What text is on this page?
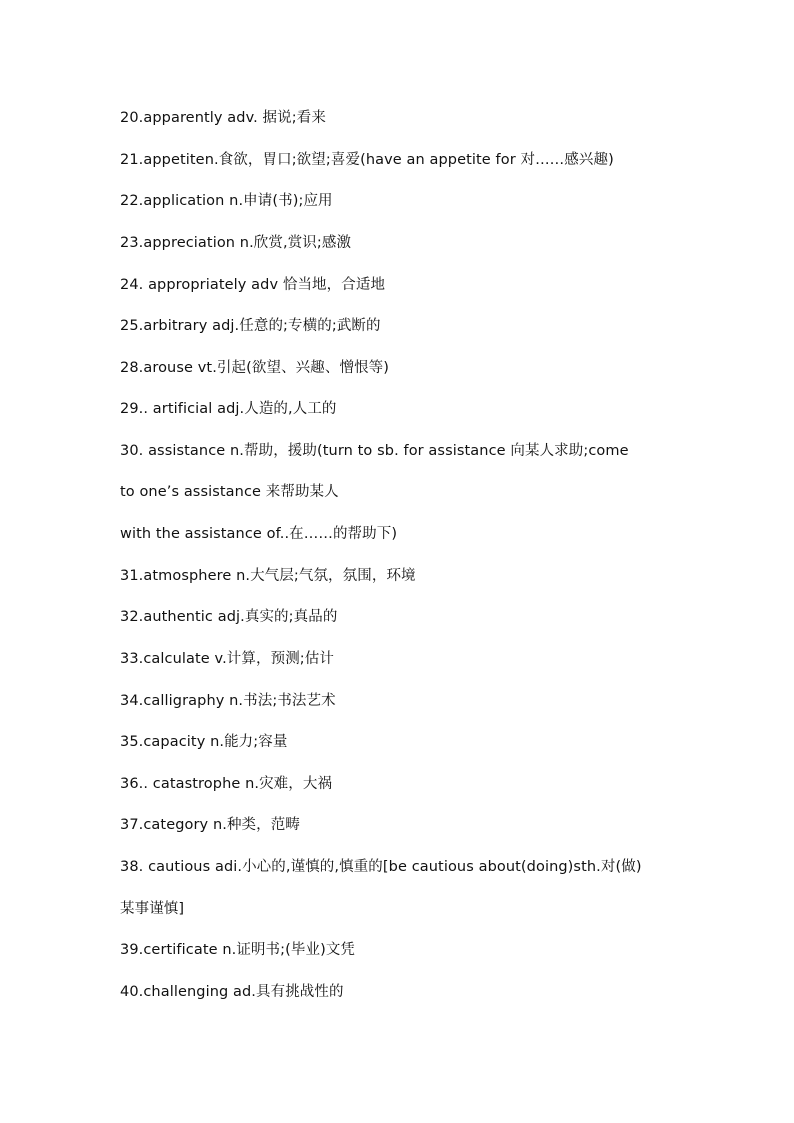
20.apparently adv. 据说;看来
21.appetiten.食欲，胃口;欲望;喜爱(have an appetite for 对……感兴趣)
22.application n.申请(书);应用
23.appreciation n.欣赏,赏识;感激
24. appropriately adv 恰当地，合适地
25.arbitrary adj.任意的;专横的;武断的
28.arouse vt.引起(欲望、兴趣、憎恨等)
29.. artificial adj.人造的,人工的
30. assistance n.帮助，援助(turn to sb. for assistance 向某人求助;come
to one’s assistance 来帮助某人
with the assistance of..在……的帮助下)
31.atmosphere n.大气层;气氛，氛围，环境
32.authentic adj.真实的;真品的
33.calculate v.计算，预测;估计
34.calligraphy n.书法;书法艺术
35.capacity n.能力;容量
36.. catastrophe n.灾难，大祸
37.category n.种类，范畴
38. cautious adi.小心的,谨慎的,慎重的[be cautious about(doing)sth.对(做)
某事谨慎]
39.certificate n.证明书;(毕业)文凭
40.challenging ad.具有挑战性的
